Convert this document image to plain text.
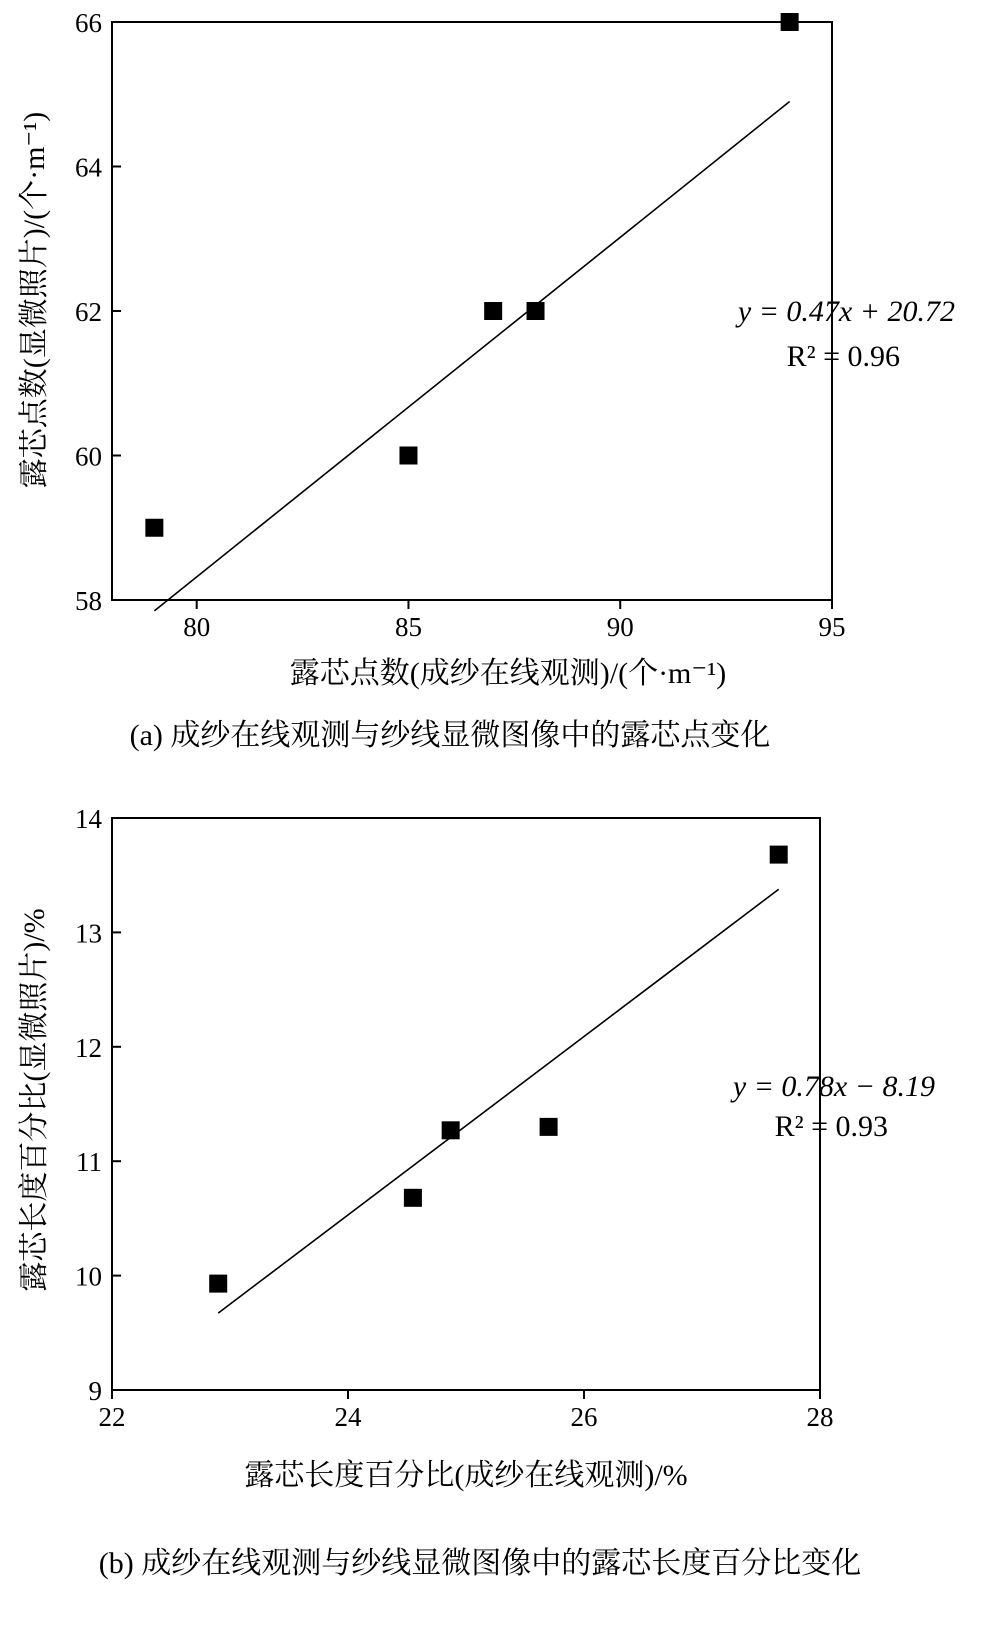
58
60
62
64
66
80	85	90	95
y = 0.47x + 20.72
R² = 0.96
露芯点数(成纱在线观测)/(个·m⁻¹)
露芯点数(显微照片)/(个·m⁻¹)
(a) 成纱在线观测与纱线显微图像中的露芯点变化
9
10
11
12
13
14
22	24	26	28
y = 0.78x − 8.19
R² = 0.93
露芯长度百分比(成纱在线观测)/%
露芯长度百分比(显微照片)/%
(b) 成纱在线观测与纱线显微图像中的露芯长度百分比变化
